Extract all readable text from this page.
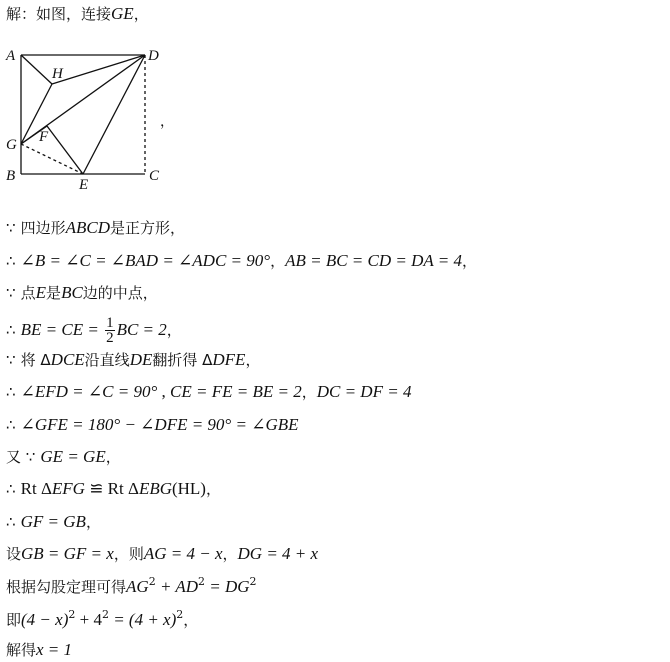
解：如图，连接GE，
A	D
H
G F
B
E
C
，
∵ 四边形ABCD是正方形，
∴ ∠B = ∠C = ∠BAD = ∠ADC = 90°，AB = BC = CD = DA = 4，
∵ 点E是BC边的中点，
∴ BE = CE = $\frac{1}{2}$ BC = 2，
∵ 将 ΔDCE沿直线DE翻折得 ΔDFE，
∴ ∠EFD = ∠C = 90° , CE = FE = BE = 2，DC = DF = 4
∴ ∠GFE = 180° − ∠DFE = 90° = ∠GBE
又 ∵ GE = GE，
∴ Rt ΔEFG ≌ Rt ΔEBG(HL)，
∴ GF = GB，
设GB = GF = x，则AG = 4 − x，DG = 4 + x
根据勾股定理可得$AG^2 + AD^2 = DG^2$
即$(4 - x)^2 + 4^2 = (4 + x)^2$，
解得x = 1
